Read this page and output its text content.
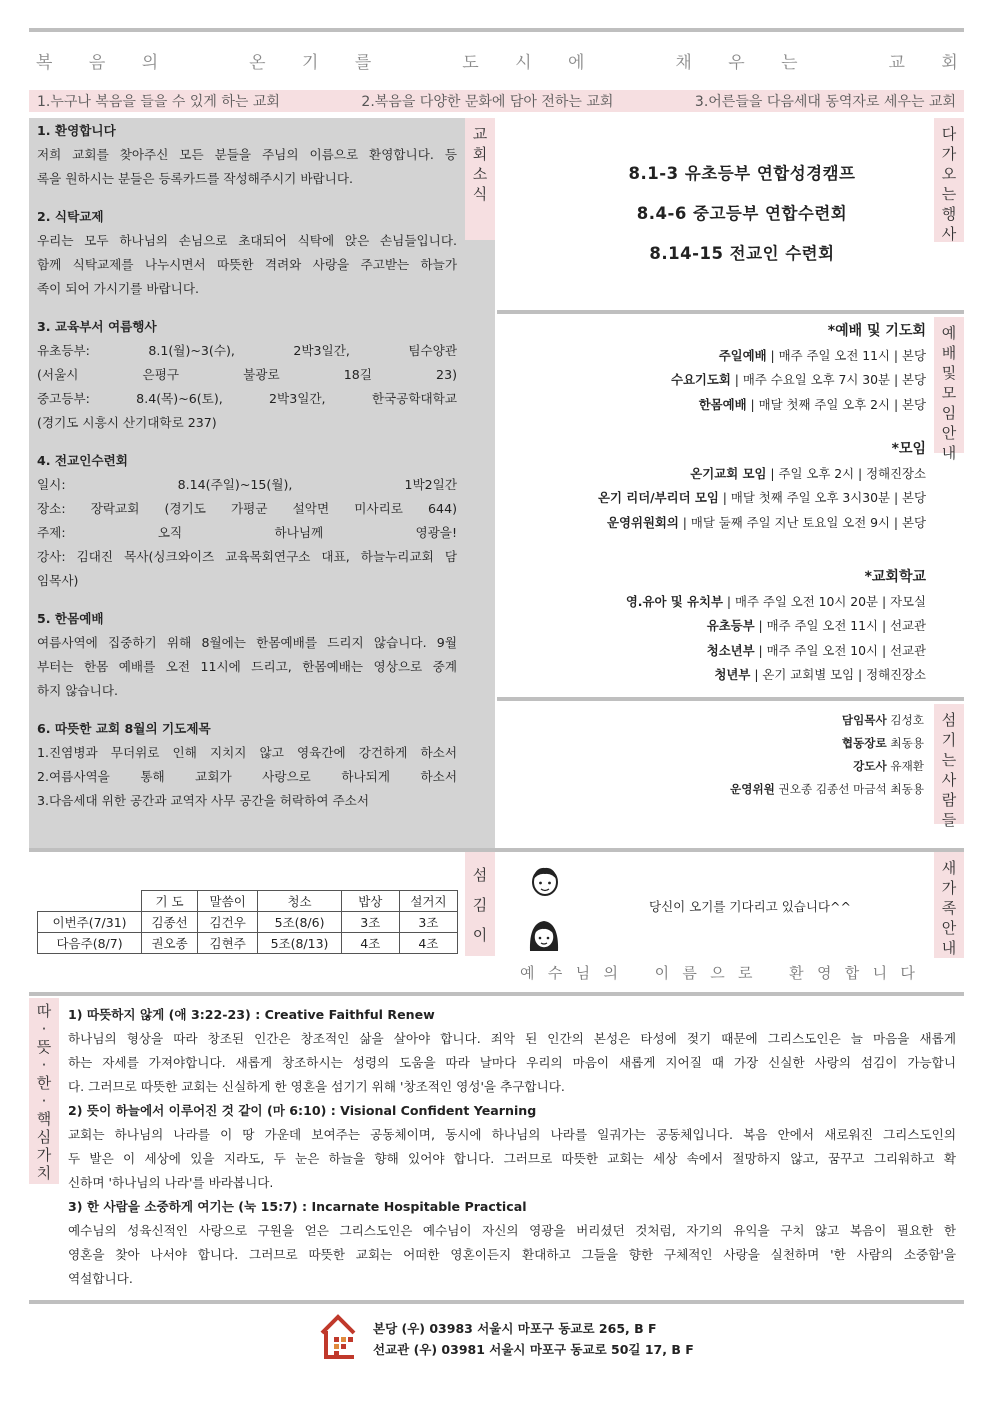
복 음 의	온 기 를	도 시 에	채 우 는	교 회
1.누구나 복음을 들을 수 있게 하는 교회	2.복음을 다양한 문화에 담아 전하는 교회	3.어른들을 다음세대 동역자로 세우는 교회

1. 환영합니다

저희 교회를 찾아주신 모든 분들을 주님의 이름으로 환영합니다. 등

록을 원하시는 분들은 등록카드를 작성해주시기 바랍니다.

2. 식탁교제

우리는 모두 하나님의 손님으로 초대되어 식탁에 앉은 손님들입니다.

함께 식탁교제를 나누시면서 따뜻한 격려와 사랑을 주고받는 하늘가

족이 되어 가시기를 바랍니다.

3. 교육부서 여름행사

유초등부: 8.1(월)~3(수), 2박3일간, 팀수양관

(서울시 은평구 불광로 18길 23)

중고등부: 8.4(목)~6(토), 2박3일간, 한국공학대학교

(경기도 시흥시 산기대학로 237)

4. 전교인수련회

일시: 8.14(주일)~15(월), 1박2일간

장소: 장락교회 (경기도 가평군 설악면 미사리로 644)

주제: 오직 하나님께 영광을!

강사: 김대진 목사(싱크와이즈 교육목회연구소 대표, 하늘누리교회 담

임목사)

5. 한몸예배

여름사역에 집중하기 위해 8월에는 한몸예배를 드리지 않습니다. 9월

부터는 한몸 예배를 오전 11시에 드리고, 한몸예배는 영상으로 중계

하지 않습니다.

6. 따뜻한 교회 8월의 기도제목

1.진염병과 무더위로 인해 지치지 않고 영육간에 강건하게 하소서

2.여름사역을 통해 교회가 사랑으로 하나되게 하소서

3.다음세대 위한 공간과 교역자 사무 공간을 허락하여 주소서

교
회
소
식
8.1-3 유초등부 연합성경캠프
8.4-6 중고등부 연합수련회
8.14-15 전교인 수련회
다
가
오
는
행
사
*예배 및 기도회
주일예배 | 매주 주일 오전 11시 | 본당
수요기도회 | 매주 수요일 오후 7시 30분 | 본당
한몸예배 | 매달 첫째 주일 오후 2시 | 본당
*모임
온기교회 모임 | 주일 오후 2시 | 정해진장소
온기 리더/부리더 모임 | 매달 첫째 주일 오후 3시30분 | 본당
운영위원회의 | 매달 둘째 주일 지난 토요일 오전 9시 | 본당
*교회학교
영.유아 및 유치부 | 매주 주일 오전 10시 20분 | 자모실
유초등부 | 매주 주일 오전 11시 | 선교관
청소년부 | 매주 주일 오전 10시 | 선교관
청년부 | 온기 교회별 모임 | 정해진장소
예
배
및
모
임
안
내
담임목사 김성호
협동장로 최동용
강도사 유재환
운영위원 권오종 김종선 마금석 최동용
섬
기
는
사
람
들
	기 도	말씀이	청소	밥상	설거지
이번주(7/31)	김종선	김건우	5조(8/6)	3조	3조
다음주(8/7)	권오종	김현주	5조(8/13)	4조	4조
섬
김
이
당신이 오기를 기다리고 있습니다^^
새
가
족
안
내
예 수 님 의 이 름 으 로 환 영 합 니 다
따
·
뜻
·
한
·
핵
심
가
치

1) 따뜻하지 않게 (애 3:22-23) : Creative Faithful Renew

하나님의 형상을 따라 창조된 인간은 창조적인 삶을 살아야 합니다. 죄악 된 인간의 본성은 타성에 젖기 때문에 그리스도인은 늘 마음을 새롭게

하는 자세를 가져야합니다. 새롭게 창조하시는 성령의 도움을 따라 날마다 우리의 마음이 새롭게 지어질 때 가장 신실한 사랑의 섬김이 가능합니

다. 그러므로 따뜻한 교회는 신실하게 한 영혼을 섬기기 위해 '창조적인 영성'을 추구합니다.

2) 뜻이 하늘에서 이루어진 것 같이 (마 6:10) : Visional Confident Yearning

교회는 하나님의 나라를 이 땅 가운데 보여주는 공동체이며, 동시에 하나님의 나라를 일궈가는 공동체입니다. 복음 안에서 새로워진 그리스도인의

두 발은 이 세상에 있을 지라도, 두 눈은 하늘을 향해 있어야 합니다. 그러므로 따뜻한 교회는 세상 속에서 절망하지 않고, 꿈꾸고 그리워하고 확

신하며 '하나님의 나라'를 바라봅니다.

3) 한 사람을 소중하게 여기는 (눅 15:7) : Incarnate Hospitable Practical

예수님의 성육신적인 사랑으로 구원을 얻은 그리스도인은 예수님이 자신의 영광을 버리셨던 것처럼, 자기의 유익을 구치 않고 복음이 필요한 한

영혼을 찾아 나서야 합니다. 그러므로 따뜻한 교회는 어떠한 영혼이든지 환대하고 그들을 향한 구체적인 사랑을 실천하며 '한 사람의 소중함'을

역설합니다.

본당 (우) 03983 서울시 마포구 동교로 265, B F
선교관 (우) 03981 서울시 마포구 동교로 50길 17, B F
